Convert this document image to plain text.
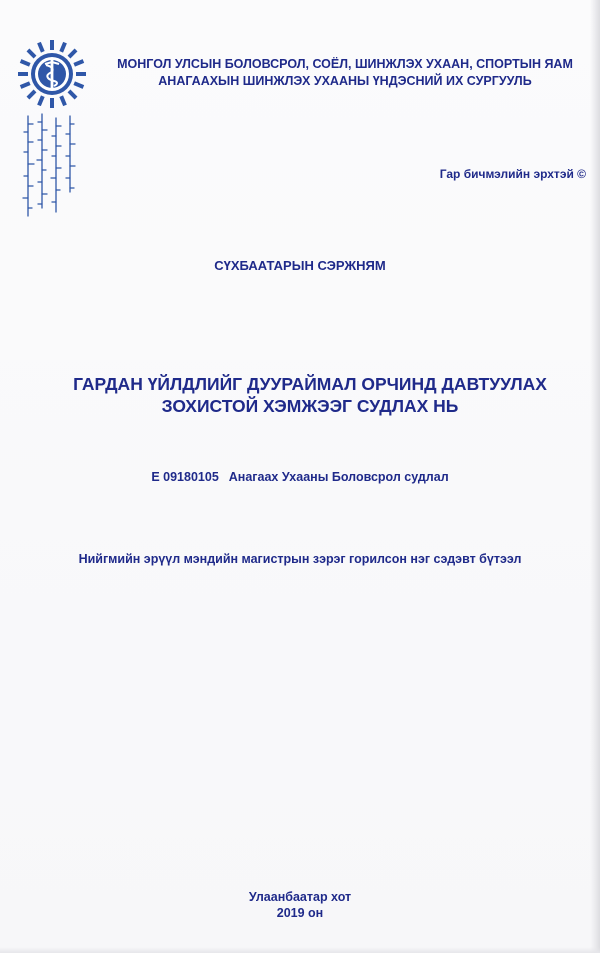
МОНГОЛ УЛСЫН БОЛОВСРОЛ, СОЁЛ, ШИНЖЛЭХ УХААН, СПОРТЫН ЯАМ
АНАГААХЫН ШИНЖЛЭХ УХААНЫ ҮНДЭСНИЙ ИХ СУРГУУЛЬ
Гар бичмэлийн эрхтэй ©
СҮХБААТАРЫН СЭРЖНЯМ
ГАРДАН ҮЙЛДЛИЙГ ДУУРАЙМАЛ ОРЧИНД ДАВТУУЛАХ
ЗОХИСТОЙ ХЭМЖЭЭГ СУДЛАХ НЬ
Е 09180105 Анагаах Ухааны Боловсрол судлал
Нийгмийн эрүүл мэндийн магистрын зэрэг горилсон нэг сэдэвт бүтээл
Улаанбаатар хот
2019 он
